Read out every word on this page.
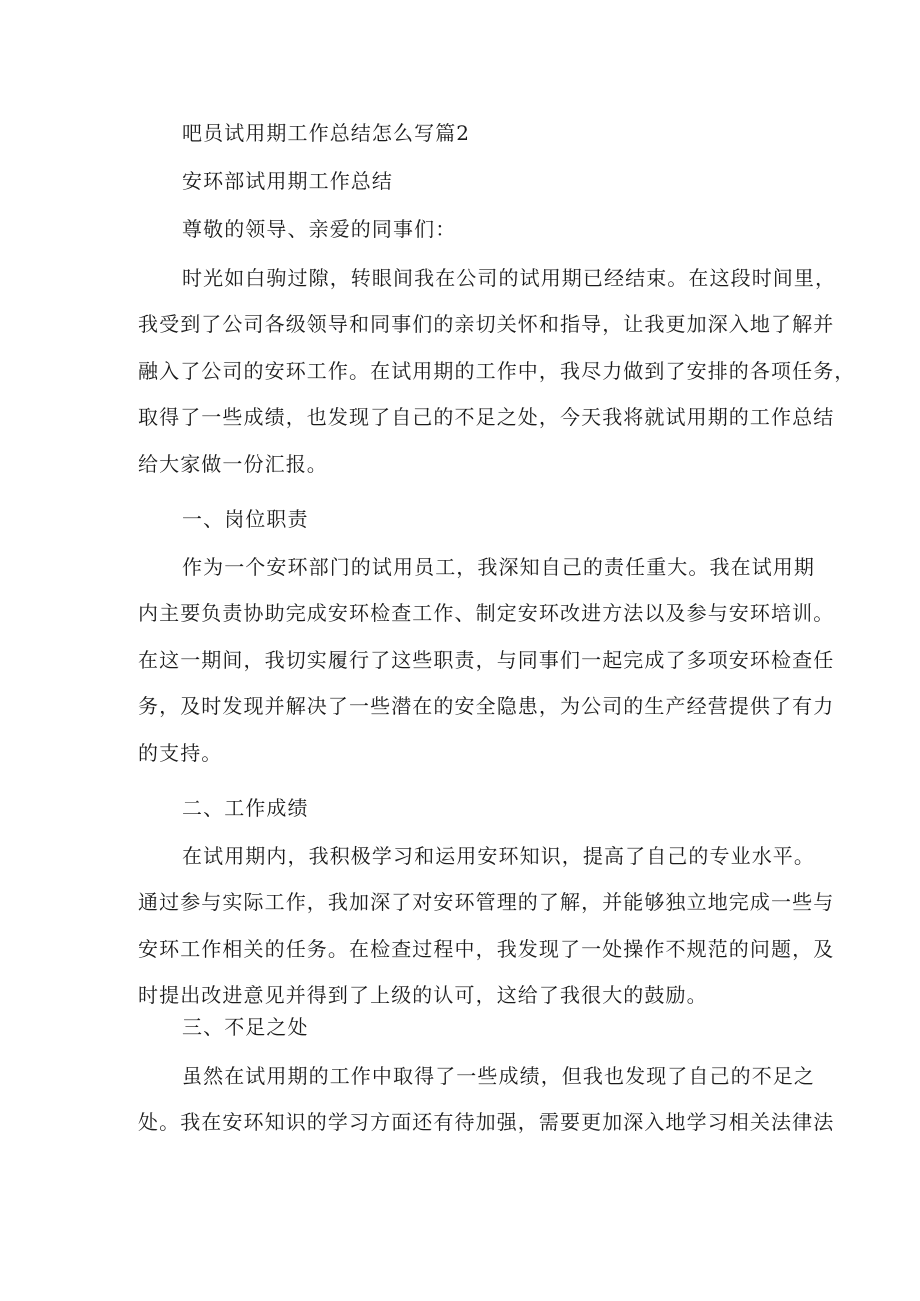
吧员试用期工作总结怎么写篇2
安环部试用期工作总结
尊敬的领导、亲爱的同事们：
时光如白驹过隙，转眼间我在公司的试用期已经结束。在这段时间里，
我受到了公司各级领导和同事们的亲切关怀和指导，让我更加深入地了解并
融入了公司的安环工作。在试用期的工作中，我尽力做到了安排的各项任务，
取得了一些成绩，也发现了自己的不足之处，今天我将就试用期的工作总结
给大家做一份汇报。
一、岗位职责
作为一个安环部门的试用员工，我深知自己的责任重大。我在试用期
内主要负责协助完成安环检查工作、制定安环改进方法以及参与安环培训。
在这一期间，我切实履行了这些职责，与同事们一起完成了多项安环检查任
务，及时发现并解决了一些潜在的安全隐患，为公司的生产经营提供了有力
的支持。
二、工作成绩
在试用期内，我积极学习和运用安环知识，提高了自己的专业水平。
通过参与实际工作，我加深了对安环管理的了解，并能够独立地完成一些与
安环工作相关的任务。在检查过程中，我发现了一处操作不规范的问题，及
时提出改进意见并得到了上级的认可，这给了我很大的鼓励。
三、不足之处
虽然在试用期的工作中取得了一些成绩，但我也发现了自己的不足之
处。我在安环知识的学习方面还有待加强，需要更加深入地学习相关法律法
